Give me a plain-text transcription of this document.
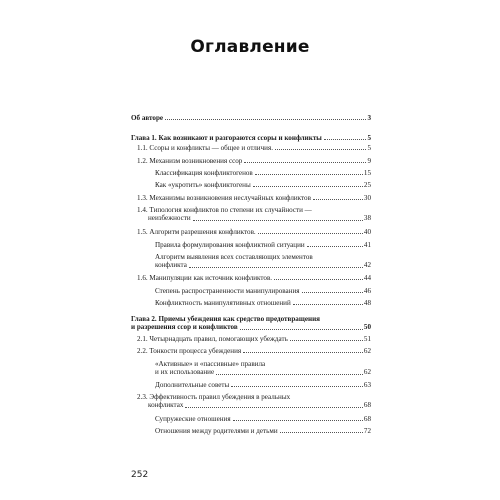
Оглавление
Об авторе	3
Глава 1. Как возникают и разгораются ссоры и конфликты	5
1.1. Ссоры и конфликты — общее и отличия.	5
1.2. Механизм возникновения ссор	9
Классификация конфликтогенов	15
Как «укротить» конфликтогены	25
1.3. Механизмы возникновения неслучайных конфликтов	30
1.4. Типология конфликтов по степени их случайности —
неизбежности	38
1.5. Алгоритм разрешения конфликтов.	40
Правила формулирования конфликтной ситуации	41
Алгоритм выявления всех составляющих элементов
конфликта	42
1.6. Манипуляции как источник конфликтов.	44
Степень распространенности манипулирования	46
Конфликтность манипулятивных отношений	48
Глава 2. Приемы убеждения как средство предотвращения
и разрешения ссор и конфликтов	50
2.1. Четырнадцать правил, помогающих убеждать	51
2.2. Тонкости процесса убеждения	62
«Активные» и «пассивные» правила
и их использование	62
Дополнительные советы	63
2.3. Эффективность правил убеждения в реальных
конфликтах	68
Супружеские отношения	68
Отношения между родителями и детьми	72
252
